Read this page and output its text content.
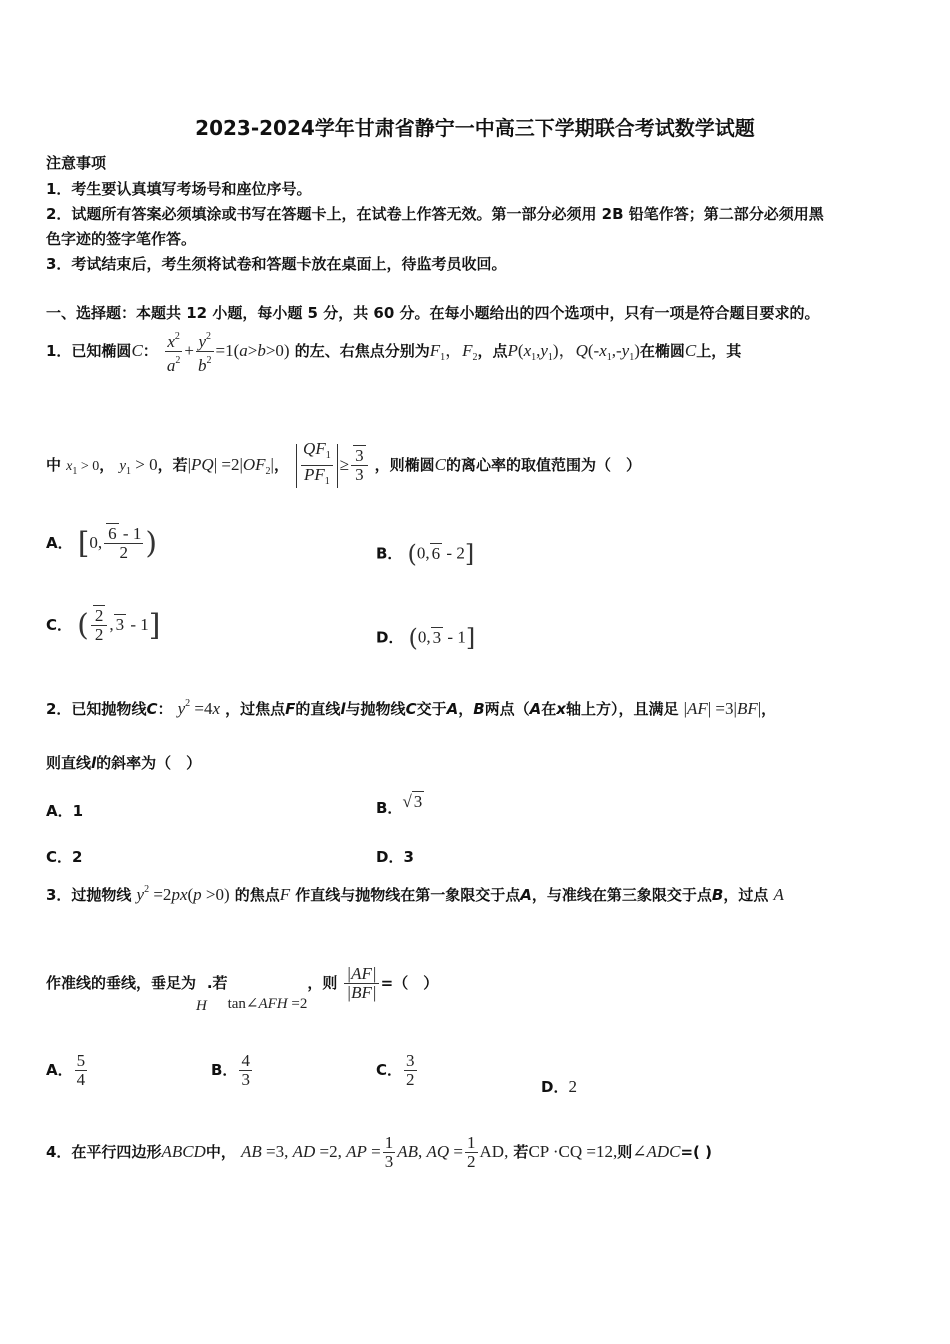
2023-2024学年甘肃省静宁一中高三下学期联合考试数学试题
注意事项
1．考生要认真填写考场号和座位序号。
2．试题所有答案必须填涂或书写在答题卡上，在试卷上作答无效。第一部分必须用 2B 铅笔作答；第二部分必须用黑
色字迹的签字笔作答。
3．考试结束后，考生须将试卷和答题卡放在桌面上，待监考员收回。
一、选择题：本题共 12 小题，每小题 5 分，共 60 分。在每小题给出的四个选项中，只有一项是符合题目要求的。
1．已知椭圆C： $\frac{x^2}{a^2} + \frac{y^2}{b^2} =1(a>b>0)$ 的左、右焦点分别为$F_1$，$F_2$，点$P(x_1,y_1)$，$Q(-x_1,-y_1)$在椭圆C上，其
中 $x_1 > 0$， $y_1 > 0$，若$|PQ| =2|OF_2|$， $\frac{QF_1}{PF_1} \ge \frac{3}{3}$ ，则椭圆C的离心率的取值范围为（　）
A． [0, $\frac{6 - 1}{2}$ )	B． (0, 6 - 2]
C． ( $\frac{2}{2}$ , 3 - 1]	D． (0, 3 - 1]
2．已知抛物线C： $y^2 =4x$ ，过焦点F的直线l与抛物线C交于A，B两点（A在x轴上方），且满足 |AF| =3|BF|，
则直线l的斜率为（　）
A．1	B．√ 3
C．2	D．3
3．过抛物线 $y^2 =2px(p >0)$ 的焦点F 作直线与抛物线在第一象限交于点A，与准线在第三象限交于点B，过点 A
作准线的垂线，垂足为H.若tan∠AFH =2，则 $\frac{|AF|}{|BF|}$ =（　）
A． $\frac{5}{4}$	B． $\frac{4}{3}$	C． $\frac{3}{2}$	D．2
4．在平行四边形ABCD中， AB =3, AD =2, AP = $\frac{1}{3}$ AB, AQ = $\frac{1}{2}$ AD, 若CP ·CQ =12,则∠ADC=( )
